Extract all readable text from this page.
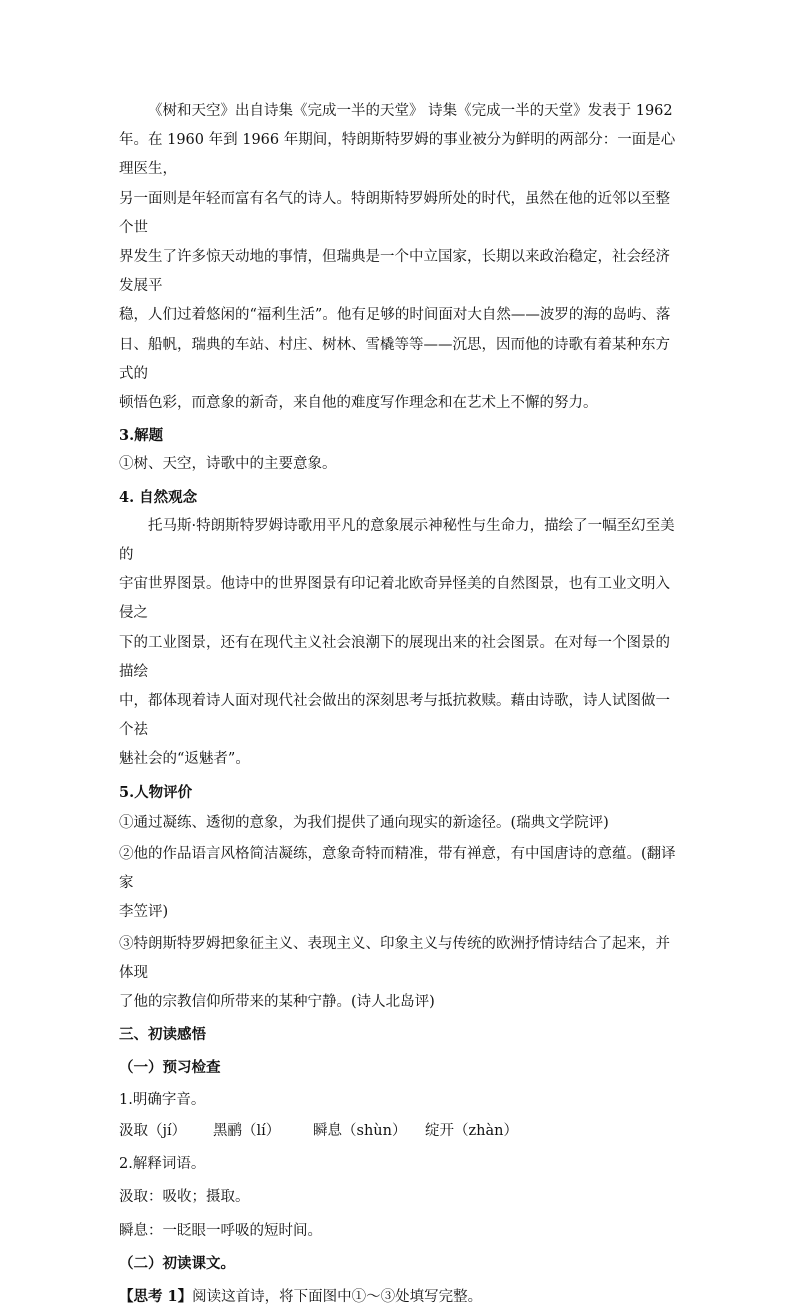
《树和天空》出自诗集《完成一半的天堂》 诗集《完成一半的天堂》发表于 1962

年。在 1960 年到 1966 年期间，特朗斯特罗姆的事业被分为鲜明的两部分：一面是心理医生，

另一面则是年轻而富有名气的诗人。特朗斯特罗姆所处的时代，虽然在他的近邻以至整个世

界发生了许多惊天动地的事情，但瑞典是一个中立国家，长期以来政治稳定，社会经济发展平

稳，人们过着悠闲的“福利生活”。他有足够的时间面对大自然——波罗的海的岛屿、落

日、船帆，瑞典的车站、村庄、树林、雪橇等等——沉思，因而他的诗歌有着某种东方式的

顿悟色彩，而意象的新奇，来自他的难度写作理念和在艺术上不懈的努力。

3.解题

①树、天空，诗歌中的主要意象。

4. 自然观念

托马斯·特朗斯特罗姆诗歌用平凡的意象展示神秘性与生命力，描绘了一幅至幻至美的

宇宙世界图景。他诗中的世界图景有印记着北欧奇异怪美的自然图景，也有工业文明入侵之

下的工业图景，还有在现代主义社会浪潮下的展现出来的社会图景。在对每一个图景的描绘

中，都体现着诗人面对现代社会做出的深刻思考与抵抗救赎。藉由诗歌，诗人试图做一个祛

魅社会的“返魅者”。

5.人物评价

①通过凝练、透彻的意象，为我们提供了通向现实的新途径。(瑞典文学院评)

②他的作品语言风格简洁凝练，意象奇特而精准，带有禅意，有中国唐诗的意蕴。(翻译家

李笠评)

③特朗斯特罗姆把象征主义、表现主义、印象主义与传统的欧洲抒情诗结合了起来，并体现

了他的宗教信仰所带来的某种宁静。(诗人北岛评)

三、初读感悟

（一）预习检查

1.明确字音。

汲取（jí）	黑鹂（lí）	瞬息（shùn）	绽开（zhàn）

2.解释词语。

汲取：吸收；摄取。

瞬息：一眨眼一呼吸的短时间。

（二）初读课文。

【思考 1】阅读这首诗，将下面图中①～③处填写完整。
